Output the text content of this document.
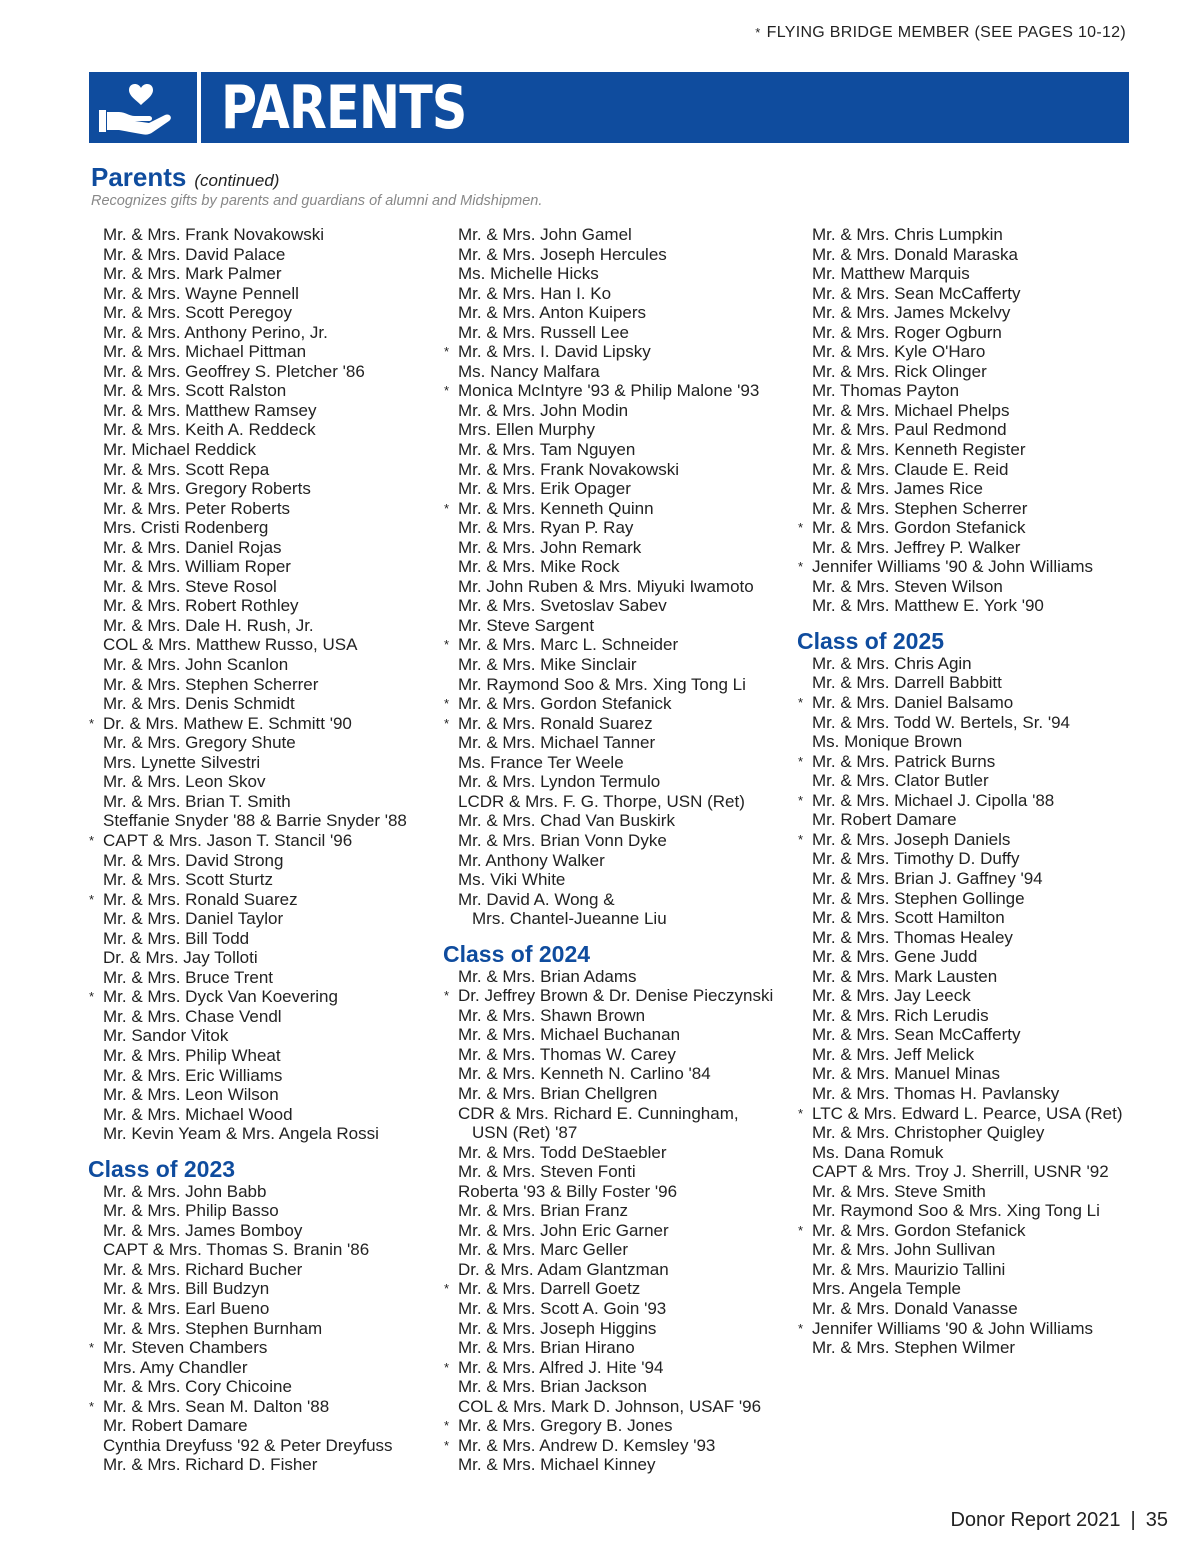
* FLYING BRIDGE MEMBER (SEE PAGES 10-12)
PARENTS
Parents (continued)
Recognizes gifts by parents and guardians of alumni and Midshipmen.
Mr. & Mrs. Frank Novakowski
Mr. & Mrs. David Palace
Mr. & Mrs. Mark Palmer
Mr. & Mrs. Wayne Pennell
Mr. & Mrs. Scott Peregoy
Mr. & Mrs. Anthony Perino, Jr.
Mr. & Mrs. Michael Pittman
Mr. & Mrs. Geoffrey S. Pletcher '86
Mr. & Mrs. Scott Ralston
Mr. & Mrs. Matthew Ramsey
Mr. & Mrs. Keith A. Reddeck
Mr. Michael Reddick
Mr. & Mrs. Scott Repa
Mr. & Mrs. Gregory Roberts
Mr. & Mrs. Peter Roberts
Mrs. Cristi Rodenberg
Mr. & Mrs. Daniel Rojas
Mr. & Mrs. William Roper
Mr. & Mrs. Steve Rosol
Mr. & Mrs. Robert Rothley
Mr. & Mrs. Dale H. Rush, Jr.
COL & Mrs. Matthew Russo, USA
Mr. & Mrs. John Scanlon
Mr. & Mrs. Stephen Scherrer
Mr. & Mrs. Denis Schmidt
* Dr. & Mrs. Mathew E. Schmitt '90
Mr. & Mrs. Gregory Shute
Mrs. Lynette Silvestri
Mr. & Mrs. Leon Skov
Mr. & Mrs. Brian T. Smith
Steffanie Snyder '88 & Barrie Snyder '88
* CAPT & Mrs. Jason T. Stancil '96
Mr. & Mrs. David Strong
Mr. & Mrs. Scott Sturtz
* Mr. & Mrs. Ronald Suarez
Mr. & Mrs. Daniel Taylor
Mr. & Mrs. Bill Todd
Dr. & Mrs. Jay Tolloti
Mr. & Mrs. Bruce Trent
* Mr. & Mrs. Dyck Van Koevering
Mr. & Mrs. Chase Vendl
Mr. Sandor Vitok
Mr. & Mrs. Philip Wheat
Mr. & Mrs. Eric Williams
Mr. & Mrs. Leon Wilson
Mr. & Mrs. Michael Wood
Mr. Kevin Yeam & Mrs. Angela Rossi
Class of 2023
Mr. & Mrs. John Babb
Mr. & Mrs. Philip Basso
Mr. & Mrs. James Bomboy
CAPT & Mrs. Thomas S. Branin '86
Mr. & Mrs. Richard Bucher
Mr. & Mrs. Bill Budzyn
Mr. & Mrs. Earl Bueno
Mr. & Mrs. Stephen Burnham
* Mr. Steven Chambers
Mrs. Amy Chandler
Mr. & Mrs. Cory Chicoine
* Mr. & Mrs. Sean M. Dalton '88
Mr. Robert Damare
Cynthia Dreyfuss '92 & Peter Dreyfuss
Mr. & Mrs. Richard D. Fisher
Mr. & Mrs. John Gamel
Mr. & Mrs. Joseph Hercules
Ms. Michelle Hicks
Mr. & Mrs. Han I. Ko
Mr. & Mrs. Anton Kuipers
Mr. & Mrs. Russell Lee
* Mr. & Mrs. I. David Lipsky
Ms. Nancy Malfara
* Monica McIntyre '93 & Philip Malone '93
Mr. & Mrs. John Modin
Mrs. Ellen Murphy
Mr. & Mrs. Tam Nguyen
Mr. & Mrs. Frank Novakowski
Mr. & Mrs. Erik Opager
* Mr. & Mrs. Kenneth Quinn
Mr. & Mrs. Ryan P. Ray
Mr. & Mrs. John Remark
Mr. & Mrs. Mike Rock
Mr. John Ruben & Mrs. Miyuki Iwamoto
Mr. & Mrs. Svetoslav Sabev
Mr. Steve Sargent
* Mr. & Mrs. Marc L. Schneider
Mr. & Mrs. Mike Sinclair
Mr. Raymond Soo & Mrs. Xing Tong Li
* Mr. & Mrs. Gordon Stefanick
* Mr. & Mrs. Ronald Suarez
Mr. & Mrs. Michael Tanner
Ms. France Ter Weele
Mr. & Mrs. Lyndon Termulo
LCDR & Mrs. F. G. Thorpe, USN (Ret)
Mr. & Mrs. Chad Van Buskirk
Mr. & Mrs. Brian Vonn Dyke
Mr. Anthony Walker
Ms. Viki White
Mr. David A. Wong &
Mrs. Chantel-Jueanne Liu
Class of 2024
Mr. & Mrs. Brian Adams
* Dr. Jeffrey Brown & Dr. Denise Pieczynski
Mr. & Mrs. Shawn Brown
Mr. & Mrs. Michael Buchanan
Mr. & Mrs. Thomas W. Carey
Mr. & Mrs. Kenneth N. Carlino '84
Mr. & Mrs. Brian Chellgren
CDR & Mrs. Richard E. Cunningham,
USN (Ret) '87
Mr. & Mrs. Todd DeStaebler
Mr. & Mrs. Steven Fonti
Roberta '93 & Billy Foster '96
Mr. & Mrs. Brian Franz
Mr. & Mrs. John Eric Garner
Mr. & Mrs. Marc Geller
Dr. & Mrs. Adam Glantzman
* Mr. & Mrs. Darrell Goetz
Mr. & Mrs. Scott A. Goin '93
Mr. & Mrs. Joseph Higgins
Mr. & Mrs. Brian Hirano
* Mr. & Mrs. Alfred J. Hite '94
Mr. & Mrs. Brian Jackson
COL & Mrs. Mark D. Johnson, USAF '96
* Mr. & Mrs. Gregory B. Jones
* Mr. & Mrs. Andrew D. Kemsley '93
Mr. & Mrs. Michael Kinney
Mr. & Mrs. Chris Lumpkin
Mr. & Mrs. Donald Maraska
Mr. Matthew Marquis
Mr. & Mrs. Sean McCafferty
Mr. & Mrs. James Mckelvy
Mr. & Mrs. Roger Ogburn
Mr. & Mrs. Kyle O'Haro
Mr. & Mrs. Rick Olinger
Mr. Thomas Payton
Mr. & Mrs. Michael Phelps
Mr. & Mrs. Paul Redmond
Mr. & Mrs. Kenneth Register
Mr. & Mrs. Claude E. Reid
Mr. & Mrs. James Rice
Mr. & Mrs. Stephen Scherrer
* Mr. & Mrs. Gordon Stefanick
Mr. & Mrs. Jeffrey P. Walker
* Jennifer Williams '90 & John Williams
Mr. & Mrs. Steven Wilson
Mr. & Mrs. Matthew E. York '90
Class of 2025
Mr. & Mrs. Chris Agin
Mr. & Mrs. Darrell Babbitt
* Mr. & Mrs. Daniel Balsamo
Mr. & Mrs. Todd W. Bertels, Sr. '94
Ms. Monique Brown
* Mr. & Mrs. Patrick Burns
Mr. & Mrs. Clator Butler
* Mr. & Mrs. Michael J. Cipolla '88
Mr. Robert Damare
* Mr. & Mrs. Joseph Daniels
Mr. & Mrs. Timothy D. Duffy
Mr. & Mrs. Brian J. Gaffney '94
Mr. & Mrs. Stephen Gollinge
Mr. & Mrs. Scott Hamilton
Mr. & Mrs. Thomas Healey
Mr. & Mrs. Gene Judd
Mr. & Mrs. Mark Lausten
Mr. & Mrs. Jay Leeck
Mr. & Mrs. Rich Lerudis
Mr. & Mrs. Sean McCafferty
Mr. & Mrs. Jeff Melick
Mr. & Mrs. Manuel Minas
Mr. & Mrs. Thomas H. Pavlansky
* LTC & Mrs. Edward L. Pearce, USA (Ret)
Mr. & Mrs. Christopher Quigley
Ms. Dana Romuk
CAPT & Mrs. Troy J. Sherrill, USNR '92
Mr. & Mrs. Steve Smith
Mr. Raymond Soo & Mrs. Xing Tong Li
* Mr. & Mrs. Gordon Stefanick
Mr. & Mrs. John Sullivan
Mr. & Mrs. Maurizio Tallini
Mrs. Angela Temple
Mr. & Mrs. Donald Vanasse
* Jennifer Williams '90 & John Williams
Mr. & Mrs. Stephen Wilmer
Donor Report 2021 | 35
